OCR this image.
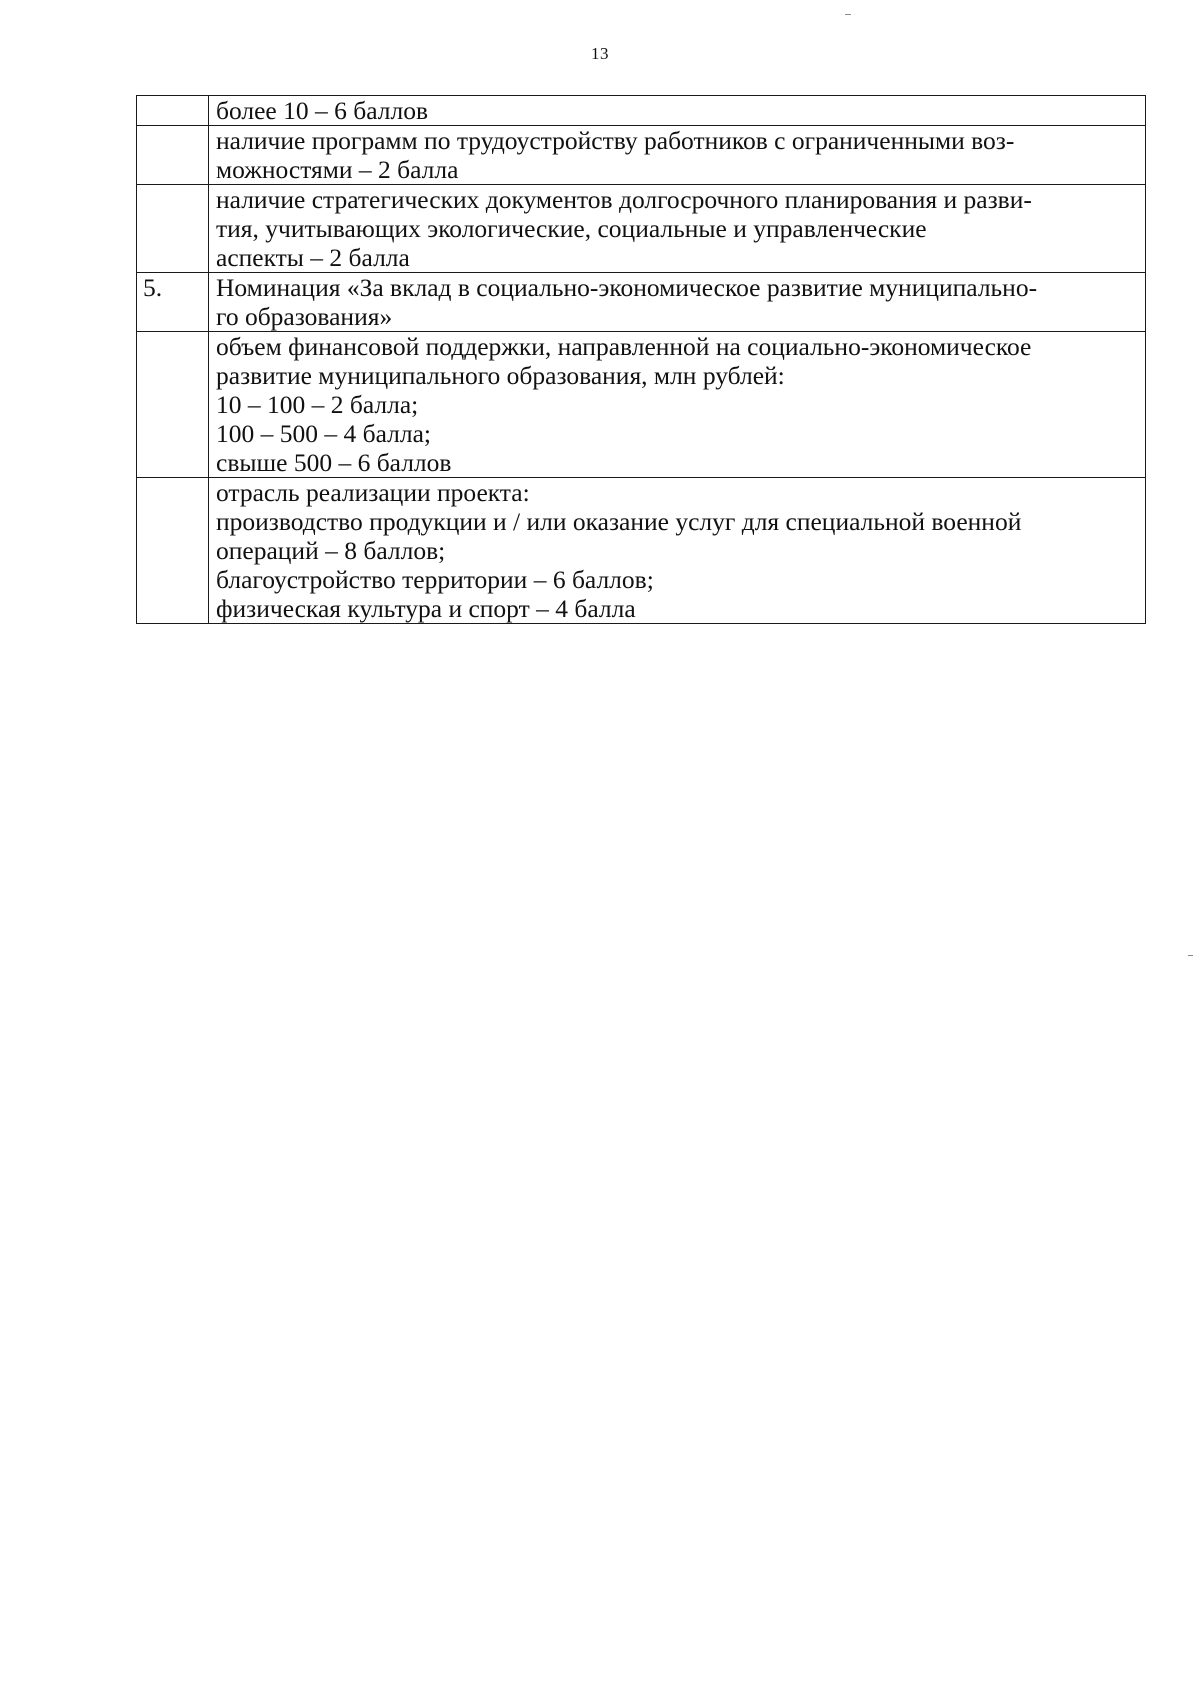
13

	более 10 – 6 баллов

	наличие программ по трудоустройству работников с ограниченными воз-
можностями – 2 балла

	наличие стратегических документов долгосрочного планирования и разви-
тия, учитывающих экологические, социальные и управленческие
аспекты – 2 балла

5.	Номинация «За вклад в социально-экономическое развитие муниципально-
го образования»

	объем финансовой поддержки, направленной на социально-экономическое
развитие муниципального образования, млн рублей:
10 – 100 – 2 балла;
100 – 500 – 4 балла;
свыше 500 – 6 баллов

	отрасль реализации проекта:
производство продукции и / или оказание услуг для специальной военной
операций – 8 баллов;
благоустройство территории – 6 баллов;
физическая культура и спорт – 4 балла
